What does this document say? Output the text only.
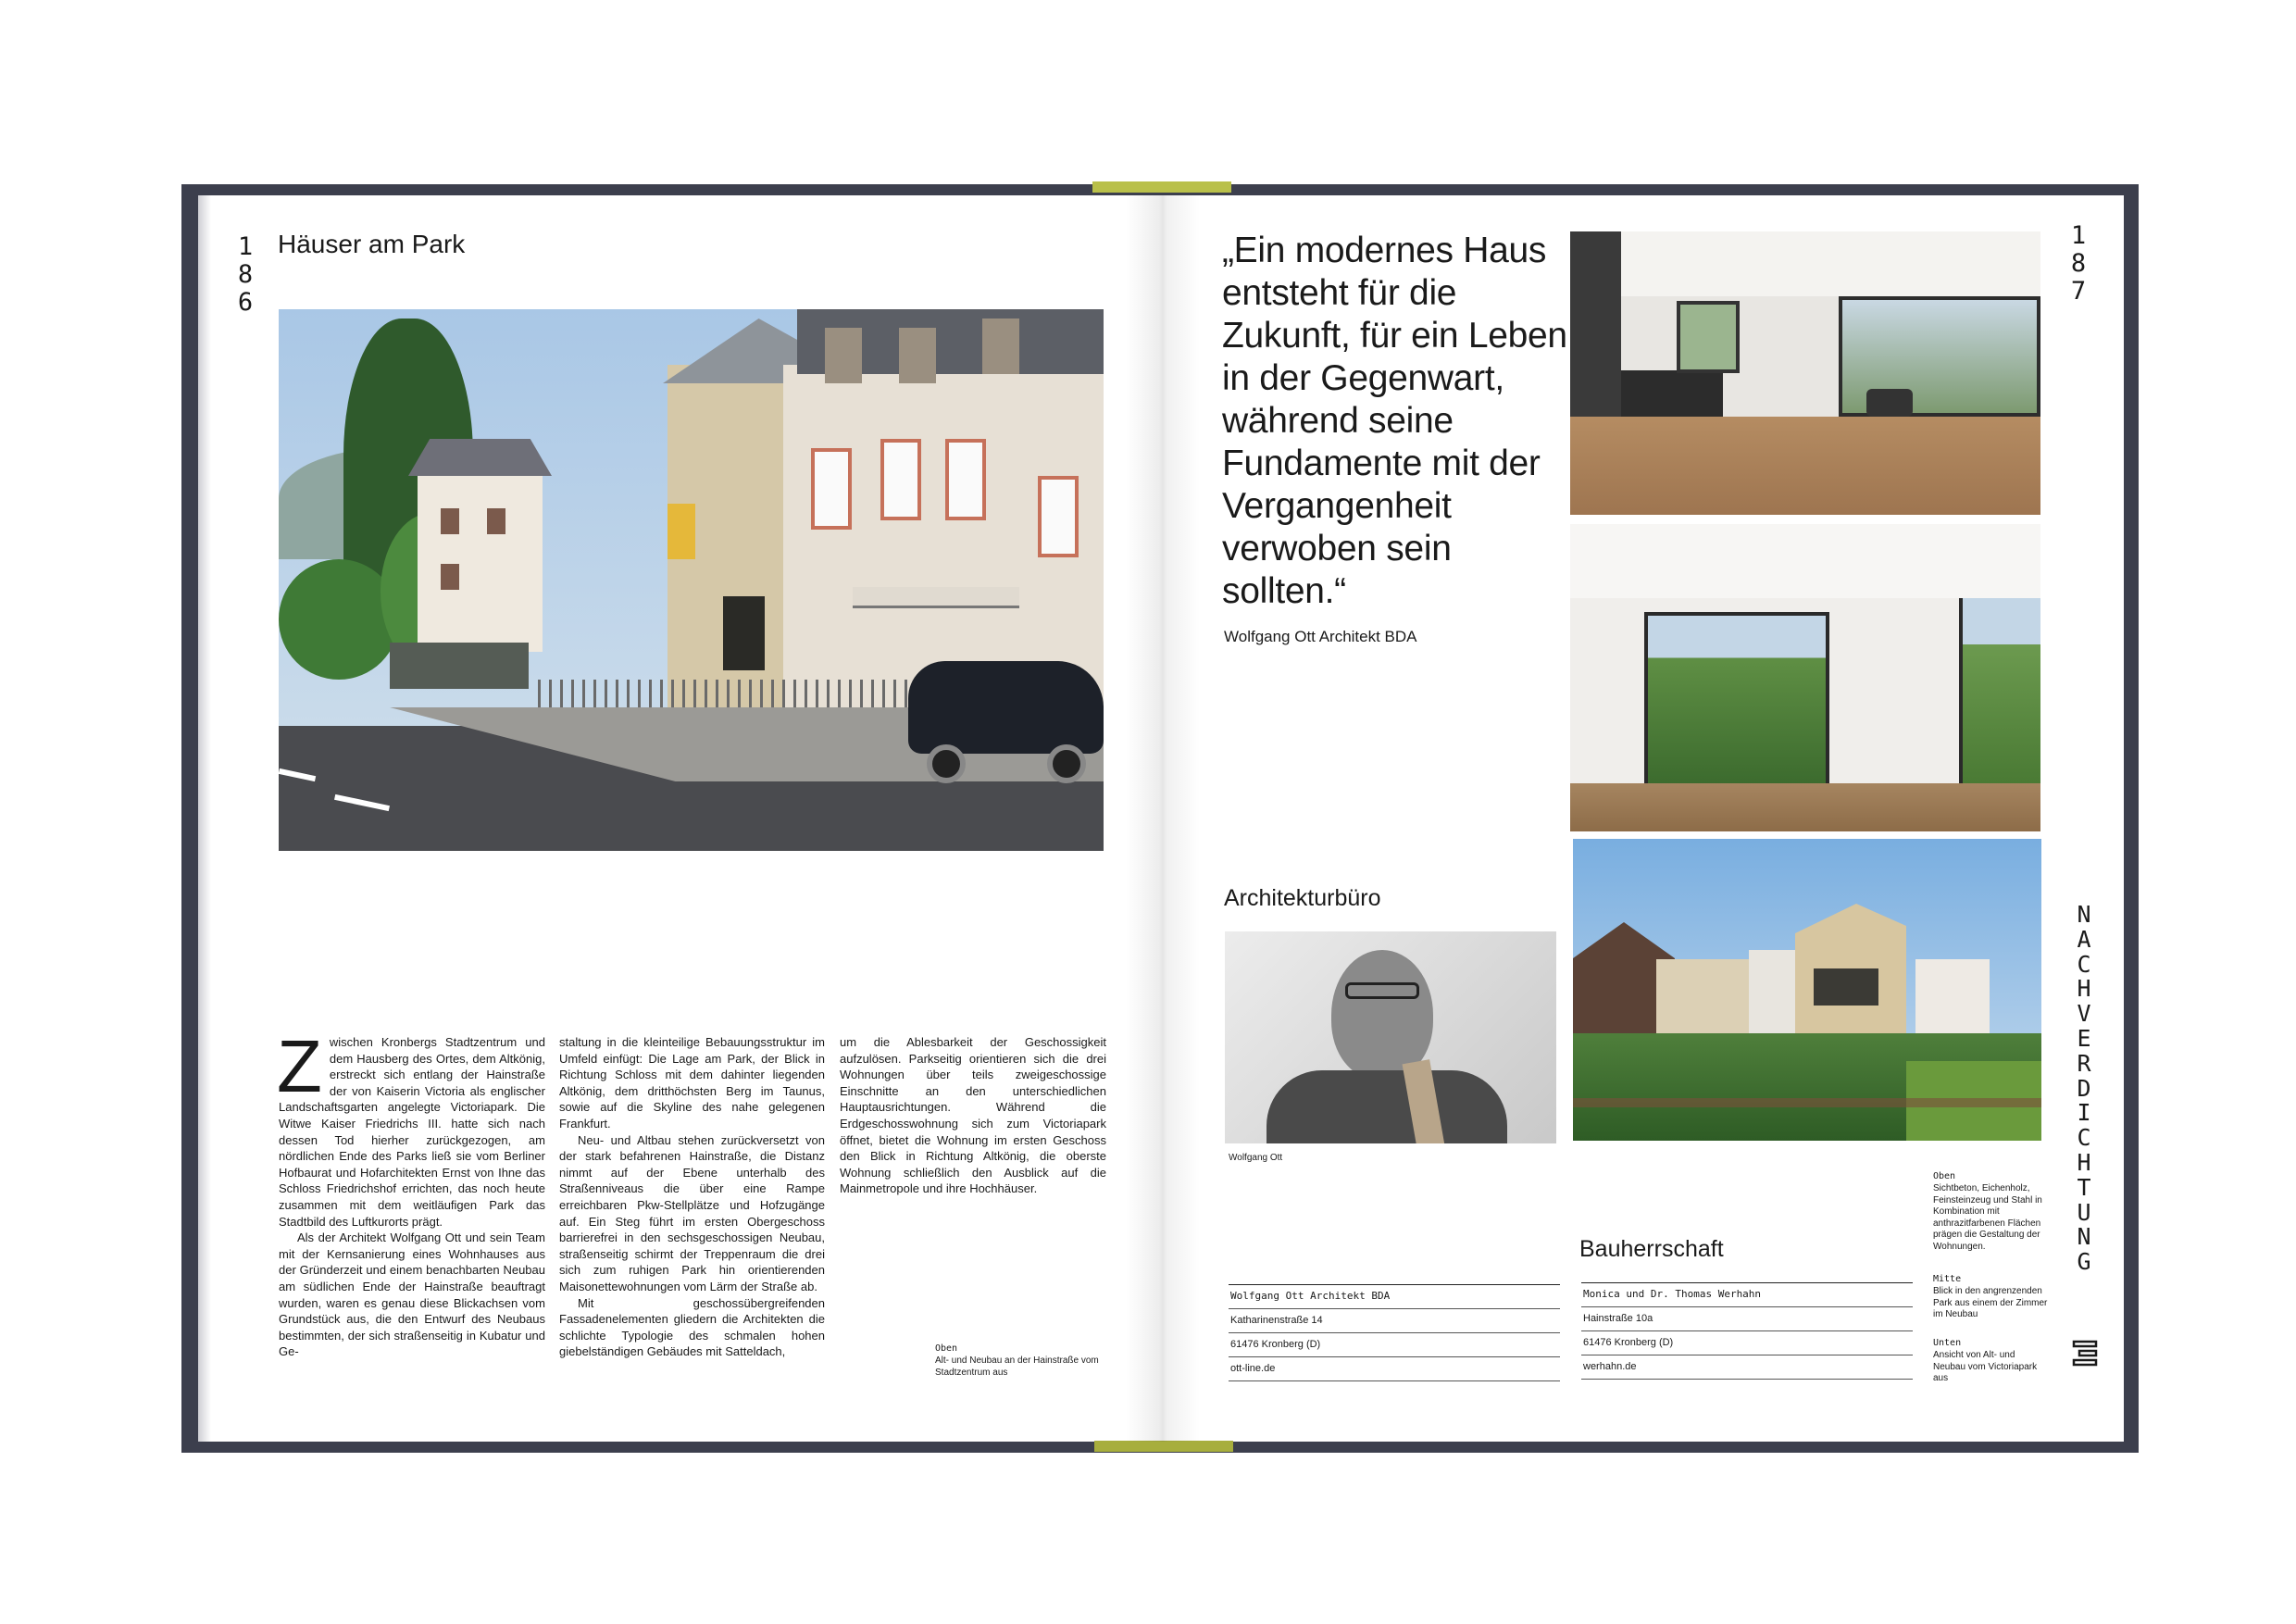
186
Häuser am Park
Z wischen Kronbergs Stadtzentrum und dem Hausberg des Ortes, dem Altkönig, erstreckt sich entlang der Hainstraße der von Kaiserin Victoria als englischer Landschaftsgarten angelegte Victoriapark. Die Witwe Kaiser Friedrichs III. hatte sich nach dessen Tod hierher zurückgezogen, am nördlichen Ende des Parks ließ sie vom Berliner Hofbaurat und Hofarchitekten Ernst von Ihne das Schloss Friedrichshof errichten, das noch heute zusammen mit dem weitläufigen Park das Stadtbild des Luftkurorts prägt.

Als der Architekt Wolfgang Ott und sein Team mit der Kernsanierung eines Wohnhauses aus der Gründerzeit und einem benachbarten Neubau am südlichen Ende der Hainstraße beauftragt wurden, waren es genau diese Blickachsen vom Grundstück aus, die den Entwurf des Neubaus bestimmten, der sich straßenseitig in Kubatur und Ge-

staltung in die kleinteilige Bebauungsstruktur im Umfeld einfügt: Die Lage am Park, der Blick in Richtung Schloss mit dem dahinter liegenden Altkönig, dem dritthöchsten Berg im Taunus, sowie auf die Skyline des nahe gelegenen Frankfurt.

Neu- und Altbau stehen zurückversetzt von der stark befahrenen Hainstraße, die Distanz nimmt auf der Ebene unterhalb des Straßenniveaus die über eine Rampe erreichbaren Pkw-Stellplätze und Hofzugänge auf. Ein Steg führt im ersten Obergeschoss barrierefrei in den sechsgeschossigen Neubau, straßenseitig schirmt der Treppenraum die drei sich zum ruhigen Park hin orientierenden Maisonettewohnungen vom Lärm der Straße ab.

Mit geschossübergreifenden Fassadenelementen gliedern die Architekten die schlichte Typologie des schmalen hohen giebelständigen Gebäudes mit Satteldach,

um die Ablesbarkeit der Geschossigkeit aufzulösen. Parkseitig orientieren sich die drei Wohnungen über teils zweigeschossige Einschnitte an den unterschiedlichen Hauptausrichtungen. Während die Erdgeschosswohnung sich zum Victoriapark öffnet, bietet die Wohnung im ersten Geschoss den Blick in Richtung Altkönig, die oberste Wohnung schließlich den Ausblick auf die Mainmetropole und ihre Hochhäuser.

Oben
Alt- und Neubau an der Hainstraße vom Stadtzentrum aus
187
„Ein modernes Haus entsteht für die Zukunft, für ein Leben in der Gegenwart, während seine Fundamente mit der Vergangenheit verwoben sein sollten.“
Wolfgang Ott Architekt BDA
Architekturbüro
Wolfgang Ott
Wolfgang Ott Architekt BDA
Katharinenstraße 14
61476 Kronberg (D)
ott-line.de
Bauherrschaft
Monica und Dr. Thomas Werhahn
Hainstraße 10a
61476 Kronberg (D)
werhahn.de
NACHVERDICHTUNG
Oben
Sichtbeton, Eichenholz, Feinsteinzeug und Stahl in Kombination mit anthrazitfarbenen Flächen prägen die Gestaltung der Wohnungen.
Mitte
Blick in den angrenzenden Park aus einem der Zimmer im Neubau
Unten
Ansicht von Alt- und Neubau vom Victoriapark aus
